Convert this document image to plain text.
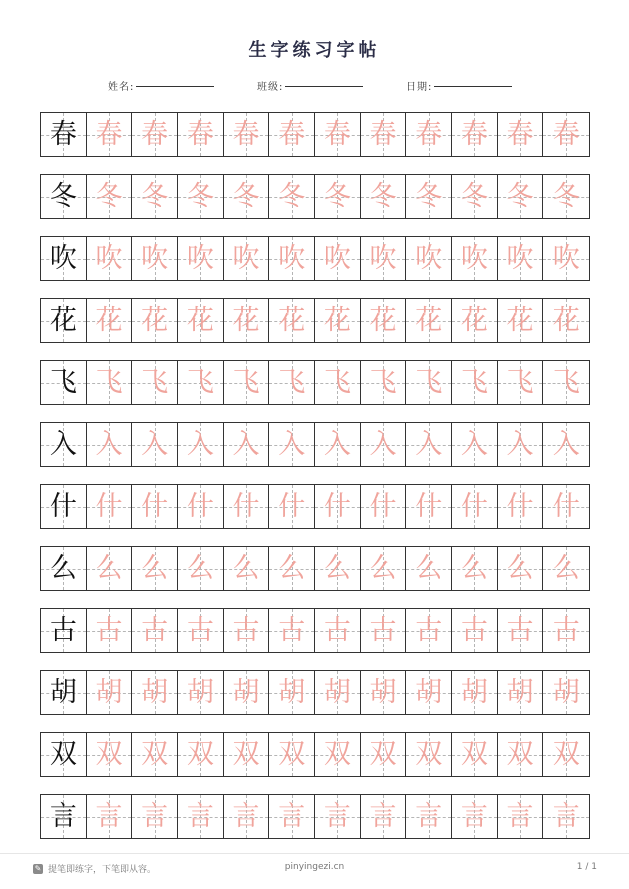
生字练习字帖
姓名:	班级:	日期:
春 春 春 春 春 春 春 春 春 春 春 春
冬 冬 冬 冬 冬 冬 冬 冬 冬 冬 冬 冬
吹 吹 吹 吹 吹 吹 吹 吹 吹 吹 吹 吹
花 花 花 花 花 花 花 花 花 花 花 花
飞 飞 飞 飞 飞 飞 飞 飞 飞 飞 飞 飞
入 入 入 入 入 入 入 入 入 入 入 入
什 什 什 什 什 什 什 什 什 什 什 什
么 么 么 么 么 么 么 么 么 么 么 么
古 古 古 古 古 古 古 古 古 古 古 古
胡 胡 胡 胡 胡 胡 胡 胡 胡 胡 胡 胡
双 双 双 双 双 双 双 双 双 双 双 双
言 言 言 言 言 言 言 言 言 言 言 言
✎ 提笔即练字，下笔即从容。	pinyingezi.cn	1 / 1
